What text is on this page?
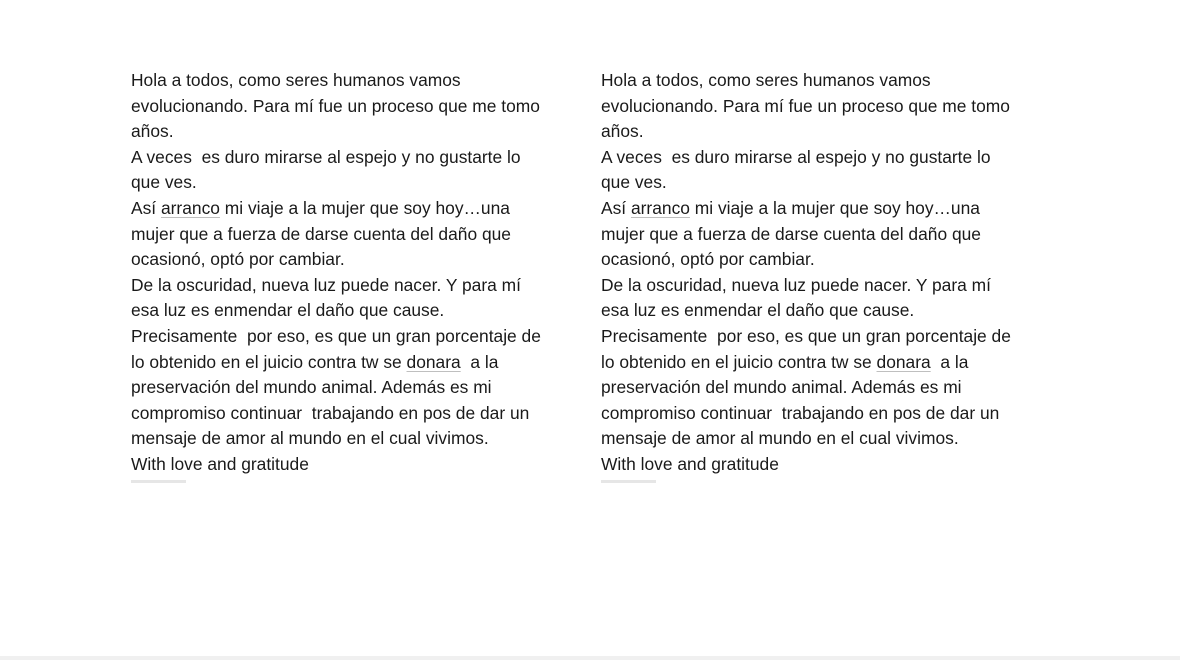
Hola a todos, como seres humanos vamos
evolucionando. Para mí fue un proceso que me tomo
años.
A veces  es duro mirarse al espejo y no gustarte lo
que ves.
Así arranco mi viaje a la mujer que soy hoy…una
mujer que a fuerza de darse cuenta del daño que
ocasionó, optó por cambiar.
De la oscuridad, nueva luz puede nacer. Y para mí
esa luz es enmendar el daño que cause.
Precisamente  por eso, es que un gran porcentaje de
lo obtenido en el juicio contra tw se donara  a la
preservación del mundo animal. Además es mi
compromiso continuar  trabajando en pos de dar un
mensaje de amor al mundo en el cual vivimos.
With love and gratitude
Hola a todos, como seres humanos vamos
evolucionando. Para mí fue un proceso que me tomo
años.
A veces  es duro mirarse al espejo y no gustarte lo
que ves.
Así arranco mi viaje a la mujer que soy hoy…una
mujer que a fuerza de darse cuenta del daño que
ocasionó, optó por cambiar.
De la oscuridad, nueva luz puede nacer. Y para mí
esa luz es enmendar el daño que cause.
Precisamente  por eso, es que un gran porcentaje de
lo obtenido en el juicio contra tw se donara  a la
preservación del mundo animal. Además es mi
compromiso continuar  trabajando en pos de dar un
mensaje de amor al mundo en el cual vivimos.
With love and gratitude
